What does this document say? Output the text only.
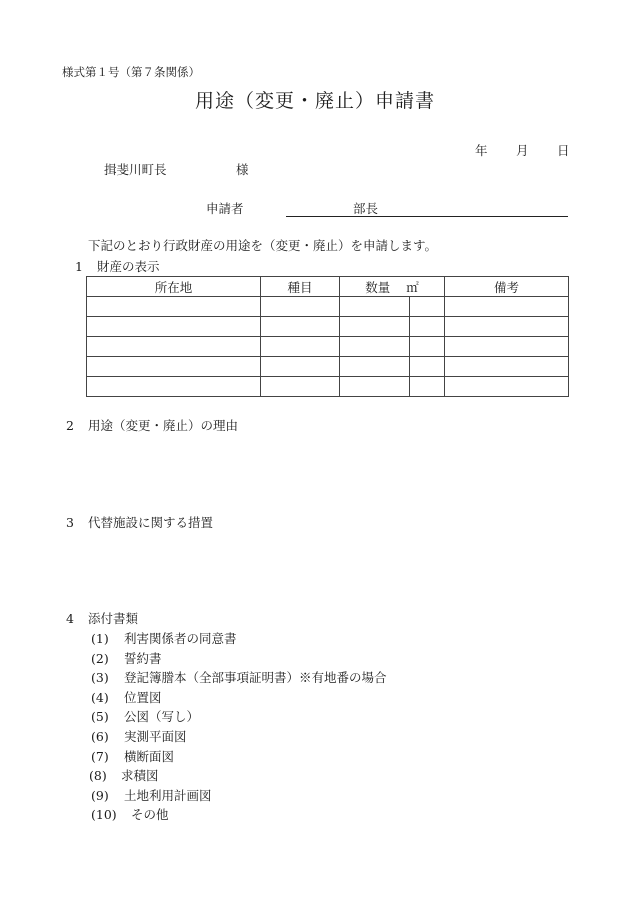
様式第１号（第７条関係）
用途（変更・廃止）申請書
年 月 日
揖斐川町長	様
申請者	部長
下記のとおり行政財産の用途を（変更・廃止）を申請します。
1 財産の表示
所在地	種目	数量 ㎡		備考

2 用途（変更・廃止）の理由
3 代替施設に関する措置
4 添付書類
(1) 利害関係者の同意書
(2) 誓約書
(3) 登記簿謄本（全部事項証明書）※有地番の場合
(4) 位置図
(5) 公図（写し）
(6) 実測平面図
(7) 横断面図
(8) 求積図
(9) 土地利用計画図
(10) その他
